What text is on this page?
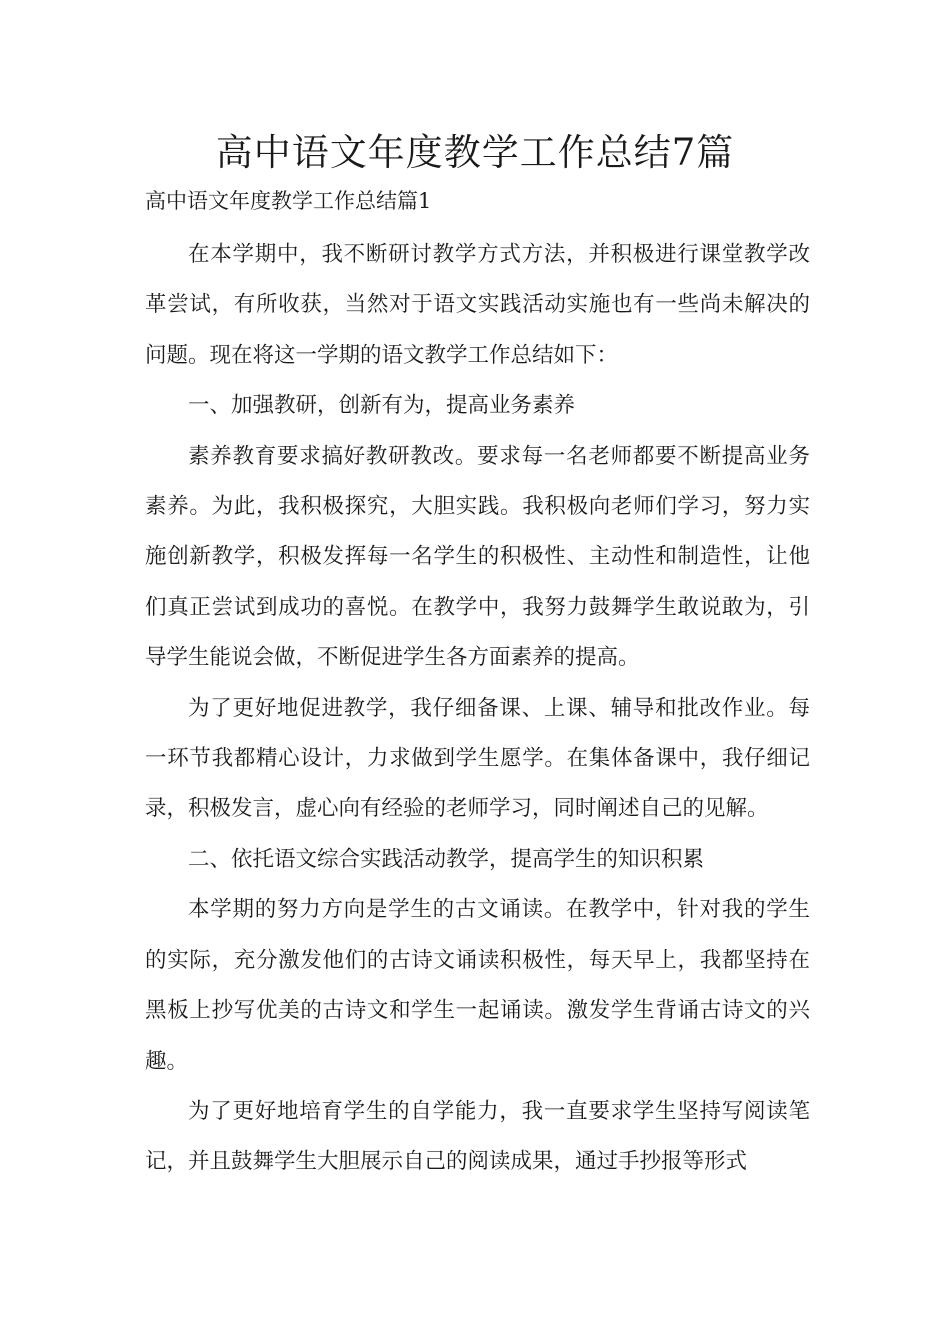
高中语文年度教学工作总结7篇
高中语文年度教学工作总结篇1

在本学期中，我不断研讨教学方式方法，并积极进行课堂教学改革尝试，有所收获，当然对于语文实践活动实施也有一些尚未解决的问题。现在将这一学期的语文教学工作总结如下：

一、加强教研，创新有为，提高业务素养

素养教育要求搞好教研教改。要求每一名老师都要不断提高业务素养。为此，我积极探究，大胆实践。我积极向老师们学习，努力实施创新教学，积极发挥每一名学生的积极性、主动性和制造性，让他们真正尝试到成功的喜悦。在教学中，我努力鼓舞学生敢说敢为，引导学生能说会做，不断促进学生各方面素养的提高。

为了更好地促进教学，我仔细备课、上课、辅导和批改作业。每一环节我都精心设计，力求做到学生愿学。在集体备课中，我仔细记录，积极发言，虚心向有经验的老师学习，同时阐述自己的见解。

二、依托语文综合实践活动教学，提高学生的知识积累

本学期的努力方向是学生的古文诵读。在教学中，针对我的学生的实际，充分激发他们的古诗文诵读积极性，每天早上，我都坚持在黑板上抄写优美的古诗文和学生一起诵读。激发学生背诵古诗文的兴趣。

为了更好地培育学生的自学能力，我一直要求学生坚持写阅读笔记，并且鼓舞学生大胆展示自己的阅读成果，通过手抄报等形式
